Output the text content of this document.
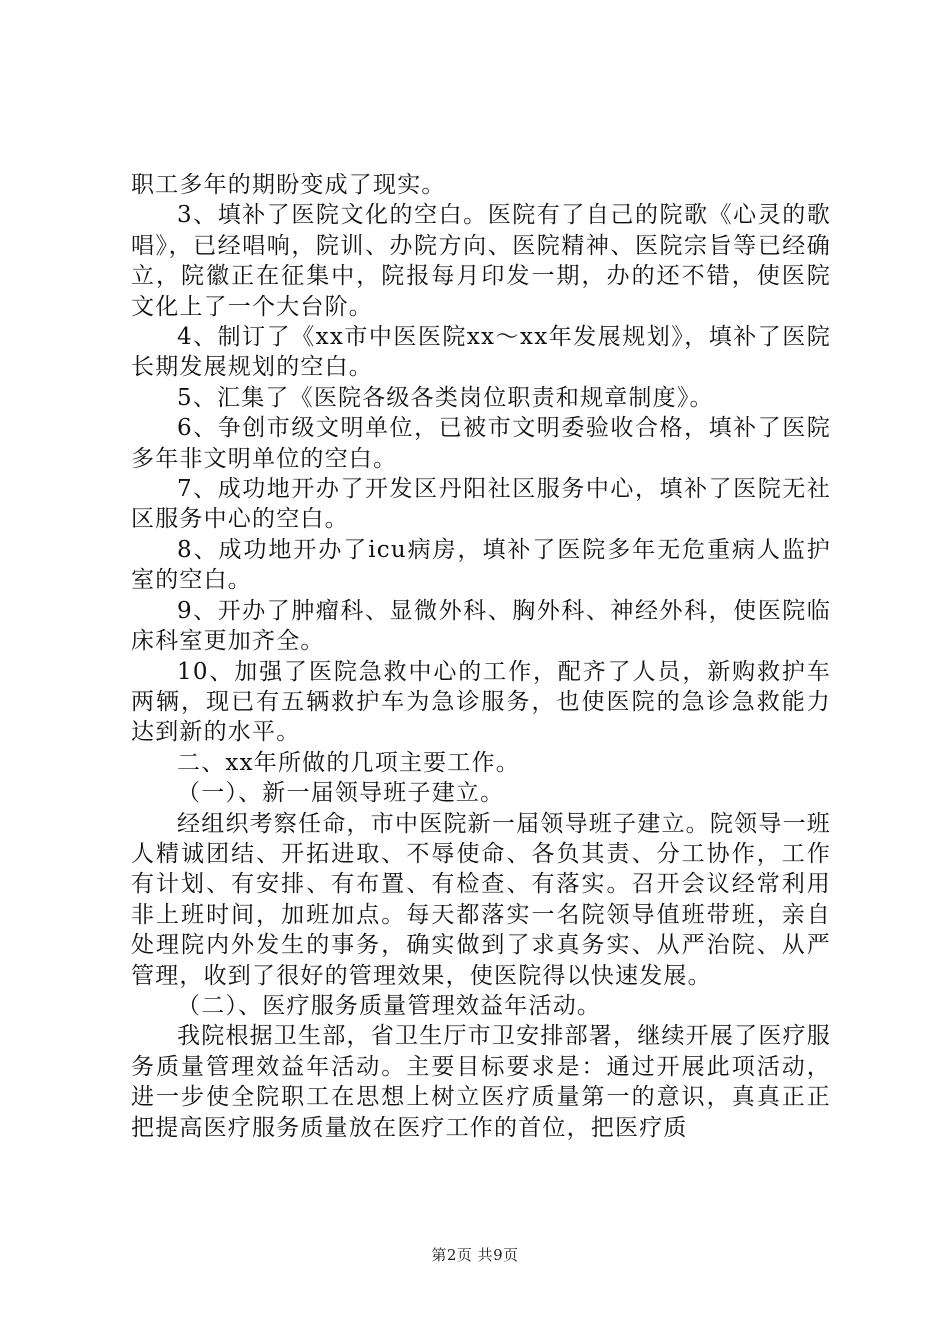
职工多年的期盼变成了现实。

3、填补了医院文化的空白。医院有了自己的院歌《心灵的歌唱》，已经唱响，院训、办院方向、医院精神、医院宗旨等已经确立，院徽正在征集中，院报每月印发一期，办的还不错，使医院文化上了一个大台阶。

4、制订了《xx市中医医院xx～xx年发展规划》，填补了医院长期发展规划的空白。

5、汇集了《医院各级各类岗位职责和规章制度》。

6、争创市级文明单位，已被市文明委验收合格，填补了医院多年非文明单位的空白。

7、成功地开办了开发区丹阳社区服务中心，填补了医院无社区服务中心的空白。

8、成功地开办了icu病房，填补了医院多年无危重病人监护室的空白。

9、开办了肿瘤科、显微外科、胸外科、神经外科，使医院临床科室更加齐全。

10、加强了医院急救中心的工作，配齐了人员，新购救护车两辆，现已有五辆救护车为急诊服务，也使医院的急诊急救能力达到新的水平。

二、xx年所做的几项主要工作。

（一）、新一届领导班子建立。

经组织考察任命，市中医院新一届领导班子建立。院领导一班人精诚团结、开拓进取、不辱使命、各负其责、分工协作，工作有计划、有安排、有布置、有检查、有落实。召开会议经常利用非上班时间，加班加点。每天都落实一名院领导值班带班，亲自处理院内外发生的事务，确实做到了求真务实、从严治院、从严管理，收到了很好的管理效果，使医院得以快速发展。

（二）、医疗服务质量管理效益年活动。

我院根据卫生部，省卫生厅市卫安排部署，继续开展了医疗服务质量管理效益年活动。主要目标要求是：通过开展此项活动，进一步使全院职工在思想上树立医疗质量第一的意识，真真正正把提高医疗服务质量放在医疗工作的首位，把医疗质

第2页 共9页
